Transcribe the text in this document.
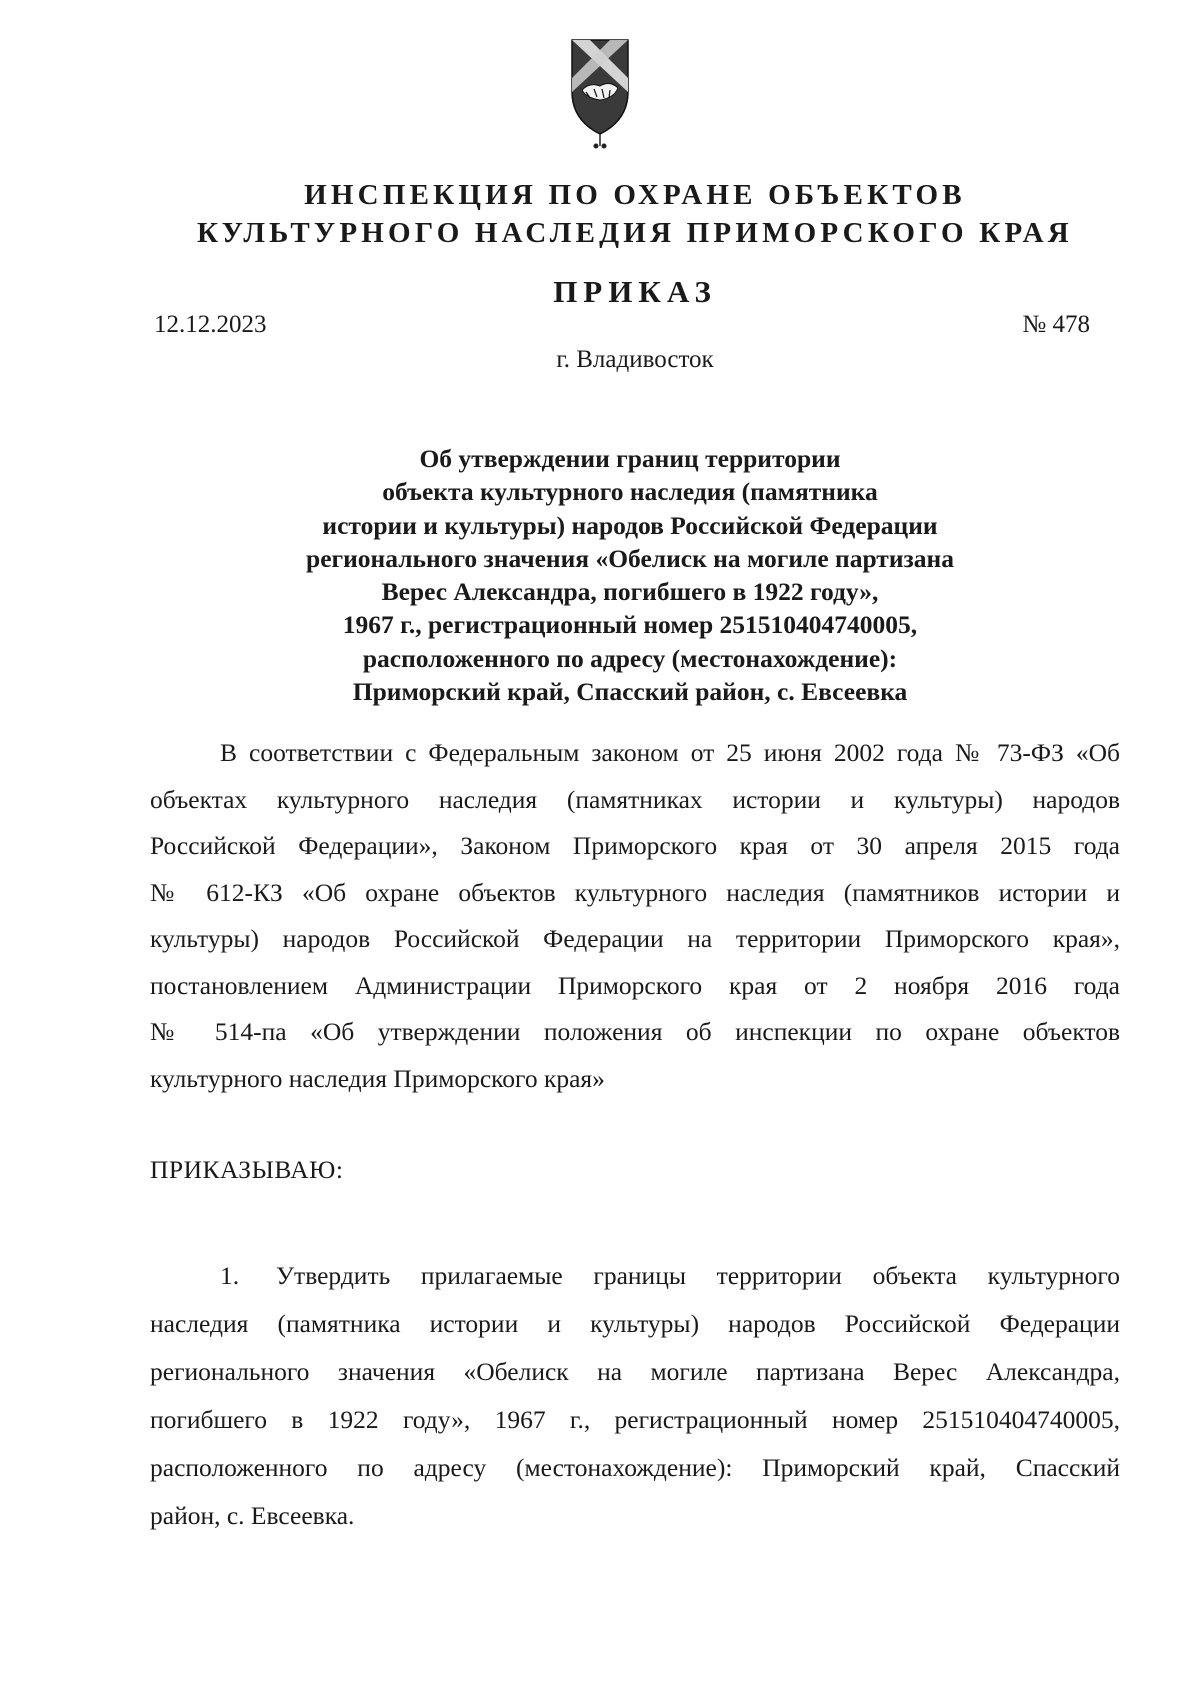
ИНСПЕКЦИЯ ПО ОХРАНЕ ОБЪЕКТОВ
КУЛЬТУРНОГО НАСЛЕДИЯ ПРИМОРСКОГО КРАЯ
ПРИКАЗ
12.12.2023	№ 478
г. Владивосток
Об утверждении границ территории
объекта культурного наследия (памятника
истории и культуры) народов Российской Федерации
регионального значения «Обелиск на могиле партизана
Верес Александра, погибшего в 1922 году»,
1967 г., регистрационный номер 251510404740005,
расположенного по адресу (местонахождение):
Приморский край, Спасский район, с. Евсеевка
В соответствии с Федеральным законом от 25 июня 2002 года № 73-ФЗ «Об
объектах культурного наследия (памятниках истории и культуры) народов
Российской Федерации», Законом Приморского края от 30 апреля 2015 года
№ 612-КЗ «Об охране объектов культурного наследия (памятников истории и
культуры) народов Российской Федерации на территории Приморского края»,
постановлением Администрации Приморского края от 2 ноября 2016 года
№ 514-па «Об утверждении положения об инспекции по охране объектов
культурного наследия Приморского края»
ПРИКАЗЫВАЮ:
1. Утвердить прилагаемые границы территории объекта культурного
наследия (памятника истории и культуры) народов Российской Федерации
регионального значения «Обелиск на могиле партизана Верес Александра,
погибшего в 1922 году», 1967 г., регистрационный номер 251510404740005,
расположенного по адресу (местонахождение): Приморский край, Спасский
район, с. Евсеевка.
